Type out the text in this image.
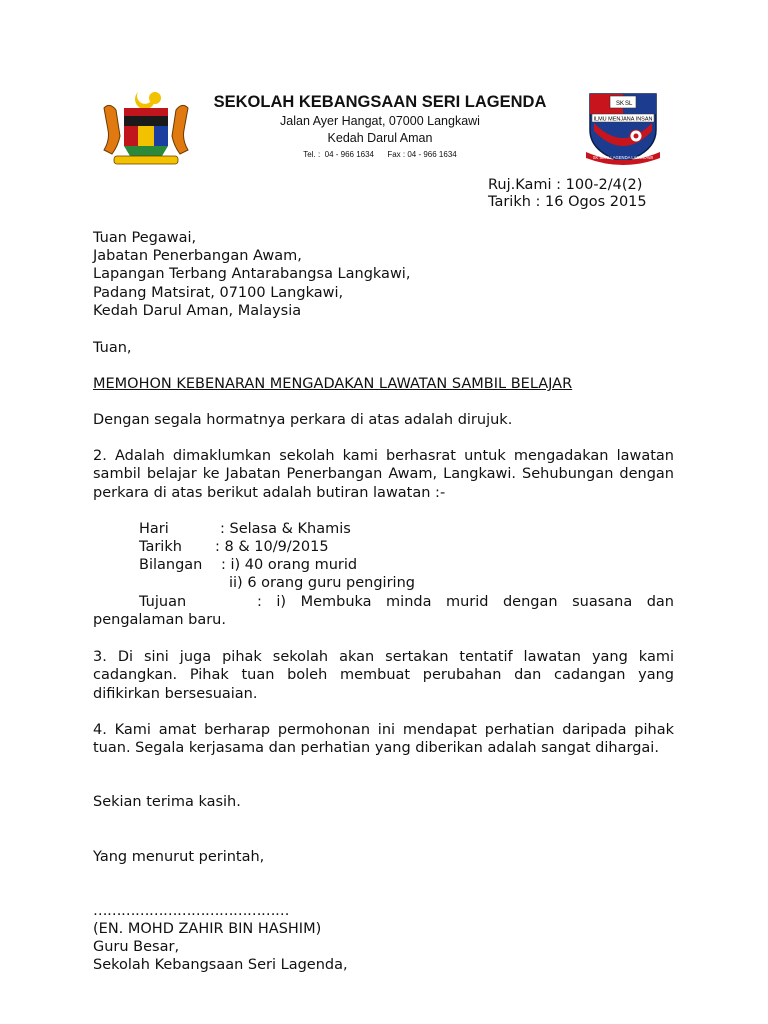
SEKOLAH KEBANGSAAN SERI LAGENDA
Jalan Ayer Hangat, 07000 Langkawi
Kedah Darul Aman
Tel. :  04 - 966 1634      Fax : 04 - 966 1634
SK SL
ILMU MENJANA INSAN
SK SERI LAGENDA LANGKAWI
Ruj.Kami : 100-2/4(2)
Tarikh : 16 Ogos 2015
Tuan Pegawai,
Jabatan Penerbangan Awam,
Lapangan Terbang Antarabangsa Langkawi,
Padang Matsirat, 07100 Langkawi,
Kedah Darul Aman, Malaysia
Tuan,
MEMOHON KEBENARAN MENGADAKAN LAWATAN SAMBIL BELAJAR
Dengan segala hormatnya perkara di atas adalah dirujuk.
2. Adalah dimaklumkan sekolah kami berhasrat untuk mengadakan lawatan sambil belajar ke Jabatan Penerbangan Awam, Langkawi. Sehubungan dengan perkara di atas berikut adalah butiran lawatan :-
Hari	: Selasa & Khamis
Tarikh : 8 & 10/9/2015
Bilangan : i) 40 orang murid
ii) 6 orang guru pengiring
Tujuan	: i) Membuka minda murid dengan suasana dan pengalaman baru.
3. Di sini juga pihak sekolah akan sertakan tentatif lawatan yang kami cadangkan. Pihak tuan boleh membuat perubahan dan cadangan yang difikirkan bersesuaian.
4. Kami amat berharap permohonan ini mendapat perhatian daripada pihak tuan. Segala kerjasama dan perhatian yang diberikan adalah sangat dihargai.
Sekian terima kasih.
Yang menurut perintah,
……………………………………
(EN. MOHD ZAHIR BIN HASHIM)
Guru Besar,
Sekolah Kebangsaan Seri Lagenda,
